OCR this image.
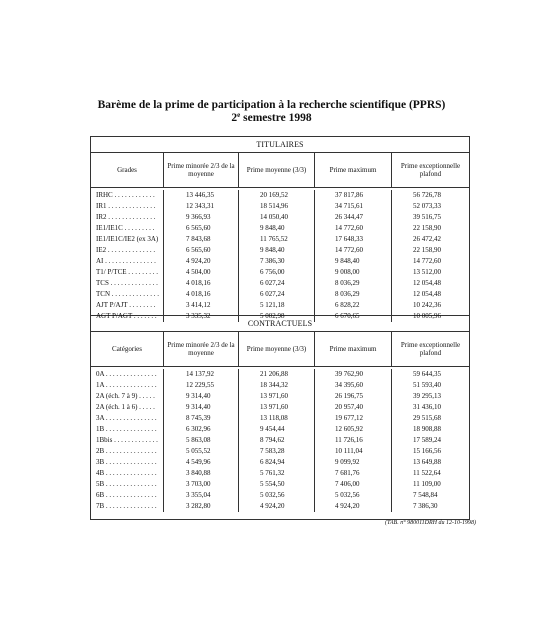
Barème de la prime de participation à la recherche scientifique (PPRS)
2e semestre 1998
TITULAIRES
Grades	Prime minorée 2/3 de la moyenne	Prime moyenne (3/3)	Prime maximum	Prime exceptionnelle plafond
IRHC . . . . . . . . . . . .	13 446,35	20 169,52	37 817,86	56 726,78
IR1 . . . . . . . . . . . . . .	12 343,31	18 514,96	34 715,61	52 073,33
IR2 . . . . . . . . . . . . . .	9 366,93	14 050,40	26 344,47	39 516,75
IE1/IE1C . . . . . . . . .	6 565,60	9 848,40	14 772,60	22 158,90
IE1/IE1C/IE2 (ex 3A)	7 843,68	11 765,52	17 648,33	26 472,42
IE2 . . . . . . . . . . . . . .	6 565,60	9 848,40	14 772,60	22 158,90
AI . . . . . . . . . . . . . . .	4 924,20	7 386,30	9 848,40	14 772,60
T1/ P/TCE . . . . . . . . .	4 504,00	6 756,00	9 008,00	13 512,00
TCS . . . . . . . . . . . . . .	4 018,16	6 027,24	8 036,29	12 054,48
TCN . . . . . . . . . . . . . .	4 018,16	6 027,24	8 036,29	12 054,48
AJT P/AJT . . . . . . . .	3 414,12	5 121,18	6 828,22	10 242,36
AGT P/AGT . . . . . . .	3 335,32	5 002,98	6 670,65	10 005,96
CONTRACTUELS
Catégories	Prime minorée 2/3 de la moyenne	Prime moyenne (3/3)	Prime maximum	Prime exceptionnelle plafond
0A . . . . . . . . . . . . . . .	14 137,92	21 206,88	39 762,90	59 644,35
1A . . . . . . . . . . . . . . .	12 229,55	18 344,32	34 395,60	51 593,40
2A (éch. 7 à 9) . . . . .	9 314,40	13 971,60	26 196,75	39 295,13
2A (éch. 1 à 6) . . . . .	9 314,40	13 971,60	20 957,40	31 436,10
3A . . . . . . . . . . . . . . .	8 745,39	13 118,08	19 677,12	29 515,68
1B . . . . . . . . . . . . . . .	6 302,96	9 454,44	12 605,92	18 908,88
1Bbis . . . . . . . . . . . . .	5 863,08	8 794,62	11 726,16	17 589,24
2B . . . . . . . . . . . . . . .	5 055,52	7 583,28	10 111,04	15 166,56
3B . . . . . . . . . . . . . . .	4 549,96	6 824,94	9 099,92	13 649,88
4B . . . . . . . . . . . . . . .	3 840,88	5 761,32	7 681,76	11 522,64
5B . . . . . . . . . . . . . . .	3 703,00	5 554,50	7 406,00	11 109,00
6B . . . . . . . . . . . . . . .	3 355,04	5 032,56	5 032,56	7 548,84
7B . . . . . . . . . . . . . . .	3 282,80	4 924,20	4 924,20	7 386,30
(TAB. n° 980011DRH du 12-10-1998)
